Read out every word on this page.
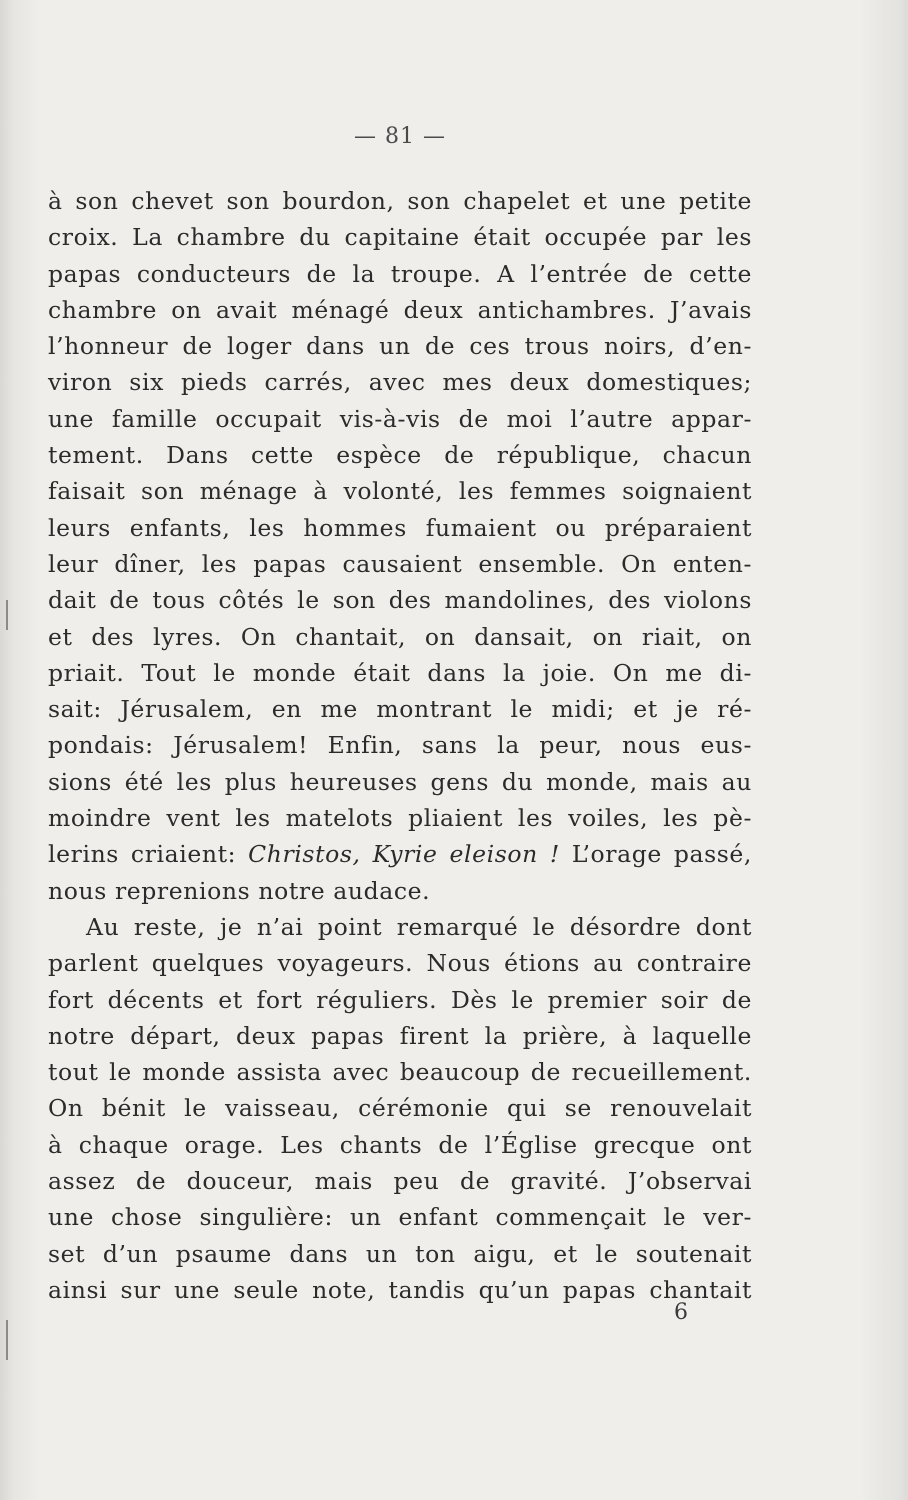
— 81 —
à son chevet son bourdon, son chapelet et une petite
croix. La chambre du capitaine était occupée par les
papas conducteurs de la troupe. A l’entrée de cette
chambre on avait ménagé deux antichambres. J’avais
l’honneur de loger dans un de ces trous noirs, d’en-
viron six pieds carrés, avec mes deux domestiques;
une famille occupait vis-à-vis de moi l’autre appar-
tement. Dans cette espèce de république, chacun
faisait son ménage à volonté, les femmes soignaient
leurs enfants, les hommes fumaient ou préparaient
leur dîner, les papas causaient ensemble. On enten-
dait de tous côtés le son des mandolines, des violons
et des lyres. On chantait, on dansait, on riait, on
priait. Tout le monde était dans la joie. On me di-
sait: Jérusalem, en me montrant le midi; et je ré-
pondais: Jérusalem! Enfin, sans la peur, nous eus-
sions été les plus heureuses gens du monde, mais au
moindre vent les matelots pliaient les voiles, les pè-
lerins criaient: Christos, Kyrie eleison ! L’orage passé,
nous reprenions notre audace.
Au reste, je n’ai point remarqué le désordre dont
parlent quelques voyageurs. Nous étions au contraire
fort décents et fort réguliers. Dès le premier soir de
notre départ, deux papas firent la prière, à laquelle
tout le monde assista avec beaucoup de recueillement.
On bénit le vaisseau, cérémonie qui se renouvelait
à chaque orage. Les chants de l’Église grecque ont
assez de douceur, mais peu de gravité. J’observai
une chose singulière: un enfant commençait le ver-
set d’un psaume dans un ton aigu, et le soutenait
ainsi sur une seule note, tandis qu’un papas chantait
6
